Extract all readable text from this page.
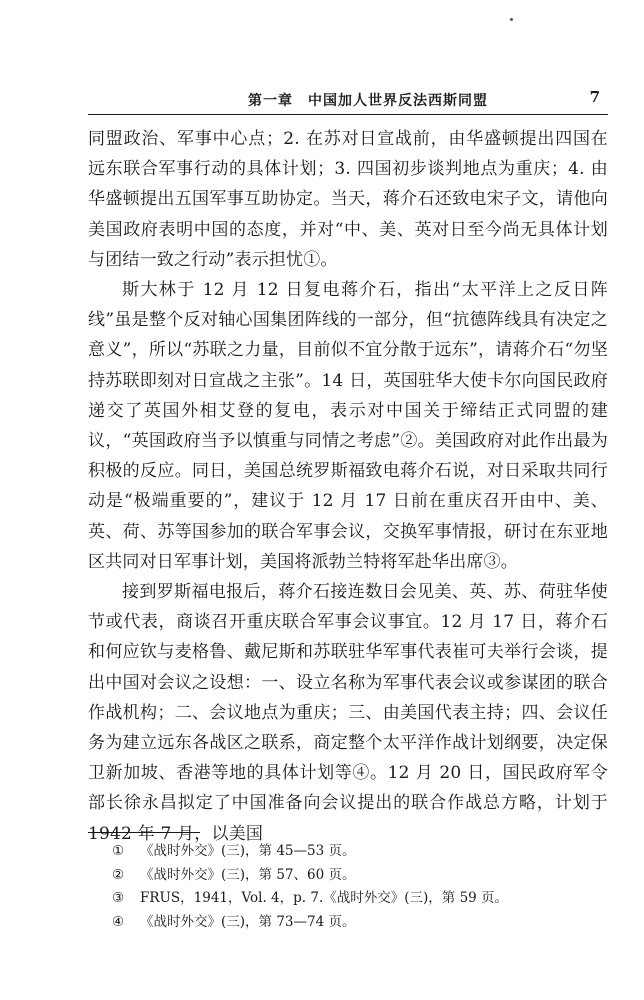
第一章　中国加人世界反法西斯同盟	7

同盟政治、军事中心点；2. 在苏对日宣战前，由华盛顿提出四国在远东联合军事行动的具体计划；3. 四国初步谈判地点为重庆；4. 由华盛顿提出五国军事互助协定。当天，蒋介石还致电宋子文，请他向美国政府表明中国的态度，并对“中、美、英对日至今尚无具体计划与团结一致之行动”表示担忧①。

斯大林于 12 月 12 日复电蒋介石，指出“太平洋上之反日阵线”虽是整个反对轴心国集团阵线的一部分，但“抗德阵线具有决定之意义”，所以“苏联之力量，目前似不宜分散于远东”，请蒋介石“勿坚持苏联即刻对日宣战之主张”。14 日，英国驻华大使卡尔向国民政府递交了英国外相艾登的复电，表示对中国关于缔结正式同盟的建议，“英国政府当予以慎重与同情之考虑”②。美国政府对此作出最为积极的反应。同日，美国总统罗斯福致电蒋介石说，对日采取共同行动是“极端重要的”，建议于 12 月 17 日前在重庆召开由中、美、英、荷、苏等国参加的联合军事会议，交换军事情报，研讨在东亚地区共同对日军事计划，美国将派勃兰特将军赴华出席③。

接到罗斯福电报后，蒋介石接连数日会见美、英、苏、荷驻华使节或代表，商谈召开重庆联合军事会议事宜。12 月 17 日，蒋介石和何应钦与麦格鲁、戴尼斯和苏联驻华军事代表崔可夫举行会谈，提出中国对会议之设想：一、设立名称为军事代表会议或参谋团的联合作战机构；二、会议地点为重庆；三、由美国代表主持；四、会议任务为建立远东各战区之联系，商定整个太平洋作战计划纲要，决定保卫新加坡、香港等地的具体计划等④。12 月 20 日，国民政府军令部长徐永昌拟定了中国准备向会议提出的联合作战总方略，计划于 1942 年 7 月，以美国

① 《战时外交》(三)，第 45—53 页。
② 《战时外交》(三)，第 57、60 页。
③ FRUS，1941，Vol. 4，p. 7.《战时外交》(三)，第 59 页。
④ 《战时外交》(三)，第 73—74 页。
